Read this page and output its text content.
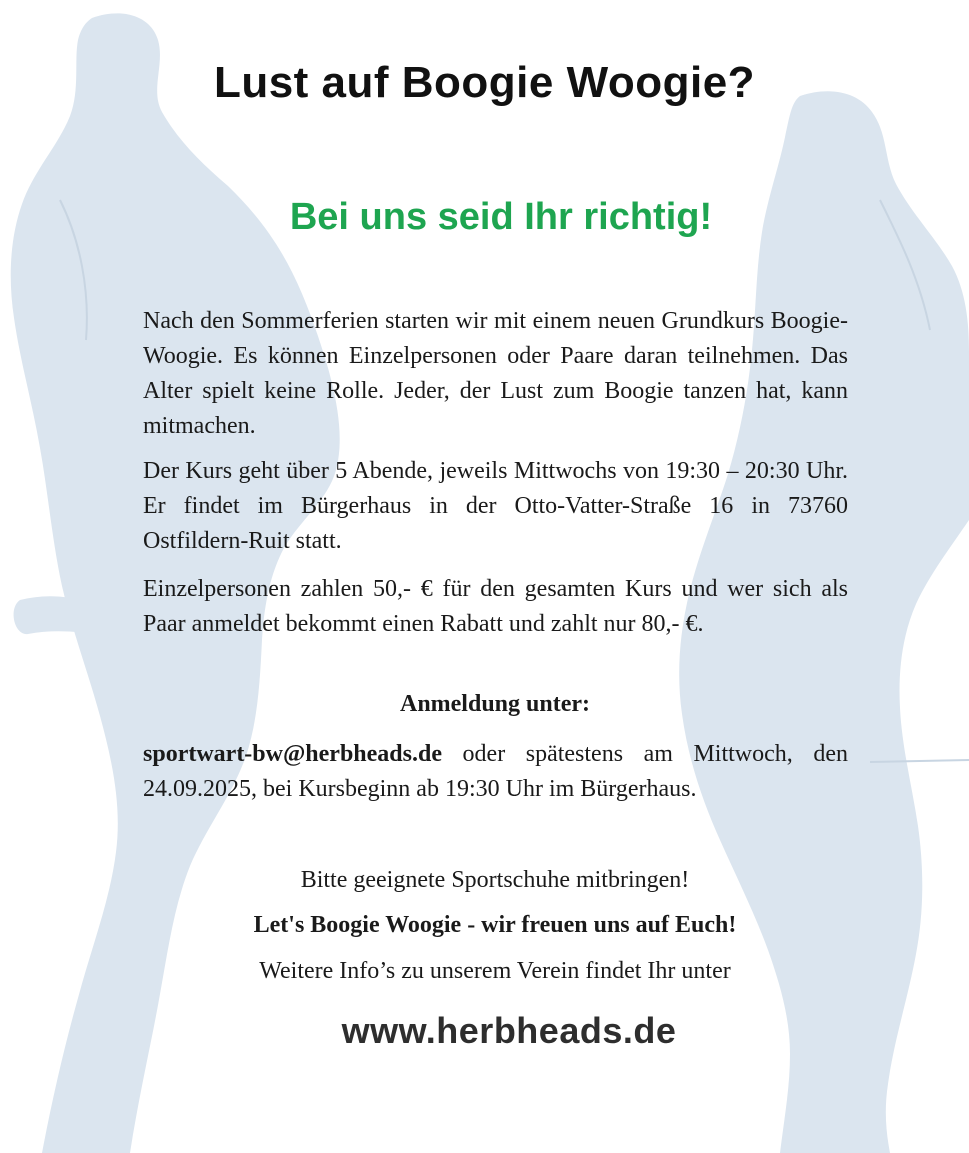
Lust auf Boogie Woogie?
Bei uns seid Ihr richtig!

Nach den Sommerferien starten wir mit einem neuen Grundkurs Boogie-Woogie. Es können Einzelpersonen oder Paare daran teilnehmen. Das Alter spielt keine Rolle. Jeder, der Lust zum Boogie tanzen hat, kann mitmachen.

Der Kurs geht über 5 Abende, jeweils Mittwochs von 19:30 – 20:30 Uhr. Er findet im Bürgerhaus in der Otto-Vatter-Straße 16 in 73760 Ostfildern-Ruit statt.

Einzelpersonen zahlen 50,- € für den gesamten Kurs und wer sich als Paar anmeldet bekommt einen Rabatt und zahlt nur 80,- €.

Anmeldung unter:

sportwart-bw@herbheads.de oder spätestens am Mittwoch, den 24.09.2025, bei Kursbeginn ab 19:30 Uhr im Bürgerhaus.

Bitte geeignete Sportschuhe mitbringen!

Let's Boogie Woogie - wir freuen uns auf Euch!

Weitere Info’s zu unserem Verein findet Ihr unter

www.herbheads.de
